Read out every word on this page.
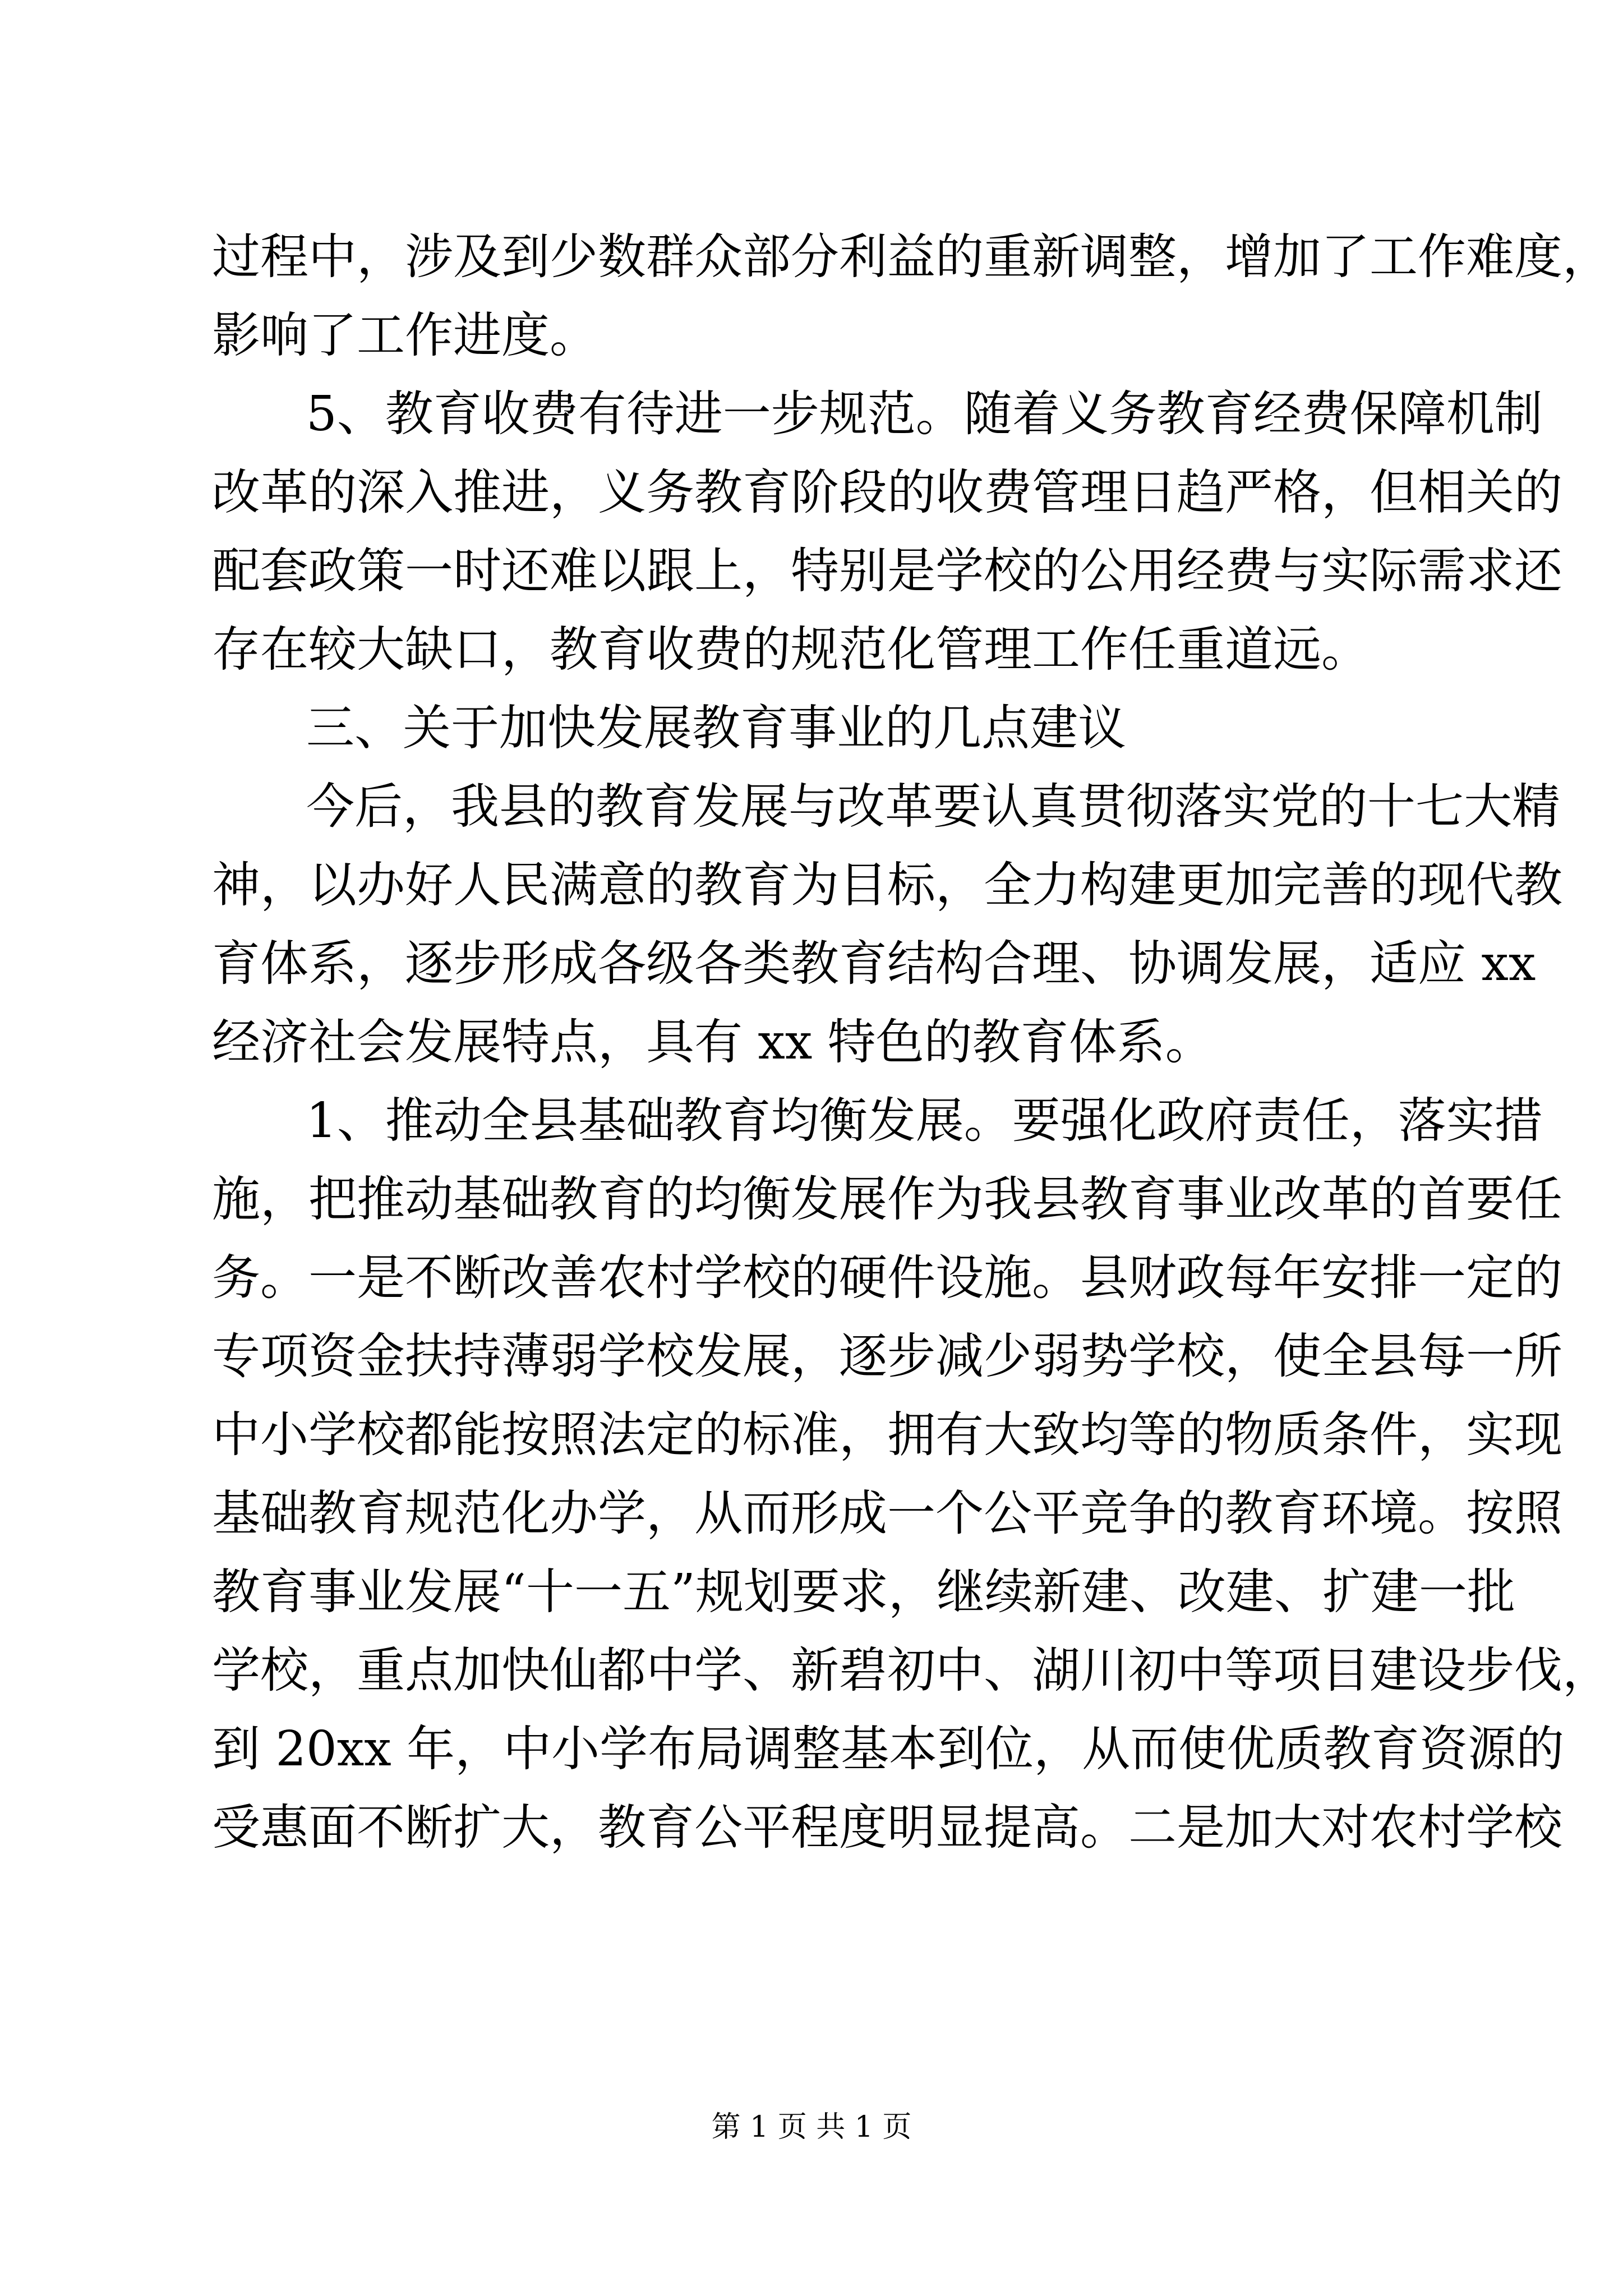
过程中，涉及到少数群众部分利益的重新调整，增加了工作难度，
影响了工作进度。
5、教育收费有待进一步规范。随着义务教育经费保障机制
改革的深入推进，义务教育阶段的收费管理日趋严格，但相关的
配套政策一时还难以跟上，特别是学校的公用经费与实际需求还
存在较大缺口，教育收费的规范化管理工作任重道远。
三、关于加快发展教育事业的几点建议
今后，我县的教育发展与改革要认真贯彻落实党的十七大精
神，以办好人民满意的教育为目标，全力构建更加完善的现代教
育体系，逐步形成各级各类教育结构合理、协调发展，适应 xx
经济社会发展特点，具有 xx 特色的教育体系。
1、推动全县基础教育均衡发展。要强化政府责任，落实措
施，把推动基础教育的均衡发展作为我县教育事业改革的首要任
务。一是不断改善农村学校的硬件设施。县财政每年安排一定的
专项资金扶持薄弱学校发展，逐步减少弱势学校，使全县每一所
中小学校都能按照法定的标准，拥有大致均等的物质条件，实现
基础教育规范化办学，从而形成一个公平竞争的教育环境。按照
教育事业发展“十一五”规划要求，继续新建、改建、扩建一批
学校，重点加快仙都中学、新碧初中、湖川初中等项目建设步伐，
到 20xx 年，中小学布局调整基本到位，从而使优质教育资源的
受惠面不断扩大，教育公平程度明显提高。二是加大对农村学校
第 1 页 共 1 页
